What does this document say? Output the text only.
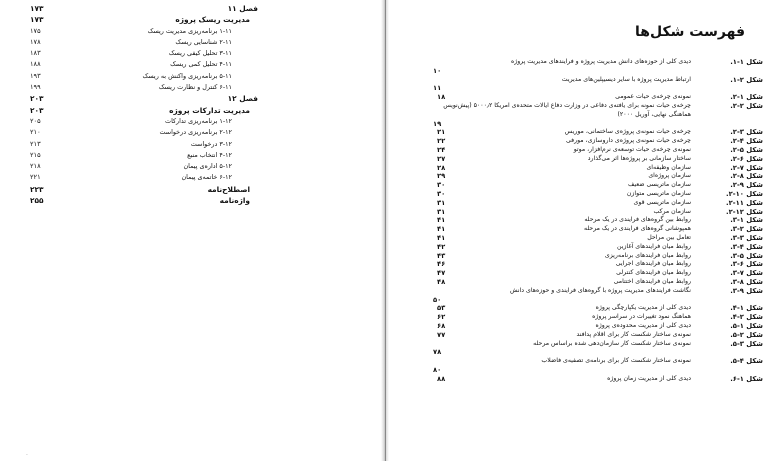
فصل ۱۱
۱۷۳
مدیریت ریسک پروژه
۱۷۳
۱-۱۱ برنامه‌ریزی مدیریت ریسک
۱۷۵
۲-۱۱ شناسایی ریسک
۱۷۸
۳-۱۱ تحلیل کیفی ریسک
۱۸۳
۴-۱۱ تحلیل کمی ریسک
۱۸۸
۵-۱۱ برنامه‌ریزی واکنش به ریسک
۱۹۳
۶-۱۱ کنترل و نظارت ریسک
۱۹۹
فصل ۱۲
۲۰۳
مدیریت تدارکات پروژه
۲۰۳
۱-۱۲ برنامه‌ریزی تدارکات
۲۰۵
۲-۱۲ برنامه‌ریزی درخواست
۲۱۰
۳-۱۲ درخواست
۲۱۳
۴-۱۲ انتخاب منبع
۲۱۵
۵-۱۲ اداره‌ی پیمان
۲۱۸
۶-۱۲ خاتمه‌ی پیمان
۲۲۱
اصطلاح‌نامه
۲۲۳
واژه‌نامه
۲۵۵
·
فهرست شکل‌ها
شکل ۱-۱.
دیدی کلی از حوزه‌های دانش مدیریت پروژه و فرایندهای مدیریت پروژه
۱۰
شکل ۲-۱.
ارتباط مدیریت پروژه با سایر دیسیپلین‌های مدیریت
۱۱
شکل ۱-۲.
نمونه‌ی چرخه‌ی حیات عمومی
۱۸
شکل ۲-۲.
چرخه‌ی حیات نمونه برای یافته‌ی دفاعی در وزارت دفاع ایالات متحده‌ی امریکا ۵۰۰۰٫۲ (پیش‌نویس هماهنگی نهایی، آوریل ۲۰۰۰)
۱۹
شکل ۳-۲.
چرخه‌ی حیات نمونه‌ی پروژه‌ی ساختمانی، موریس
۲۱
شکل ۴-۲.
چرخه‌ی حیات نمونه‌ی پروژه‌ی داروسازی، مورفی
۲۲
شکل ۵-۲.
نمونه‌ی چرخه‌ی حیات توسعه‌ی نرم‌افزار، موتو
۲۴
شکل ۶-۲.
ساختار سازمانی بر پروژه‌ها اثر می‌گذارد
۲۷
شکل ۷-۲.
سازمان وظیفه‌ای
۲۸
شکل ۸-۲.
سازمان پروژه‌ای
۲۹
شکل ۹-۲.
سازمان ماتریسی ضعیف
۳۰
شکل ۱۰-۲.
سازمان ماتریسی متوازن
۳۰
شکل ۱۱-۲.
سازمان ماتریسی قوی
۳۱
شکل ۱۲-۲.
سازمان مرکب
۳۱
شکل ۱-۳.
روابط بین گروه‌های فرایندی در یک مرحله
۴۱
شکل ۲-۳.
همپوشانی گروه‌های فرایندی در یک مرحله
۴۱
شکل ۳-۳.
تعامل بین مراحل
۴۱
شکل ۴-۳.
روابط میان فرایندهای آغازین
۴۲
شکل ۵-۳.
روابط میان فرایندهای برنامه‌ریزی
۴۳
شکل ۶-۳.
روابط میان فرایندهای اجرایی
۴۶
شکل ۷-۳.
روابط میان فرایندهای کنترلی
۴۷
شکل ۸-۳.
روابط میان فرایندهای اختتامی
۴۸
شکل ۹-۳.
نگاشت فرایندهای مدیریت پروژه با گروه‌های فرایندی و حوزه‌های دانش
۵۰
شکل ۱-۴.
دیدی کلی از مدیریت یکپارچگی پروژه
۵۳
شکل ۲-۴.
هماهنگ نمود تغییرات در سراسر پروژه
۶۲
شکل ۱-۵.
دیدی کلی از مدیریت محدوده‌ی پروژه
۶۸
شکل ۲-۵.
نمونه‌ی ساختار شکست کار برای اقلام پدافند
۷۷
شکل ۳-۵.
نمونه‌ی ساختار شکست کار سازمان‌دهی شده براساس مرحله
۷۸
شکل ۴-۵.
نمونه‌ی ساختار شکست کار برای برنامه‌ی تصفیه‌ی فاضلاب
۸۰
شکل ۱-۶.
دیدی کلی از مدیریت زمان پروژه
۸۸
